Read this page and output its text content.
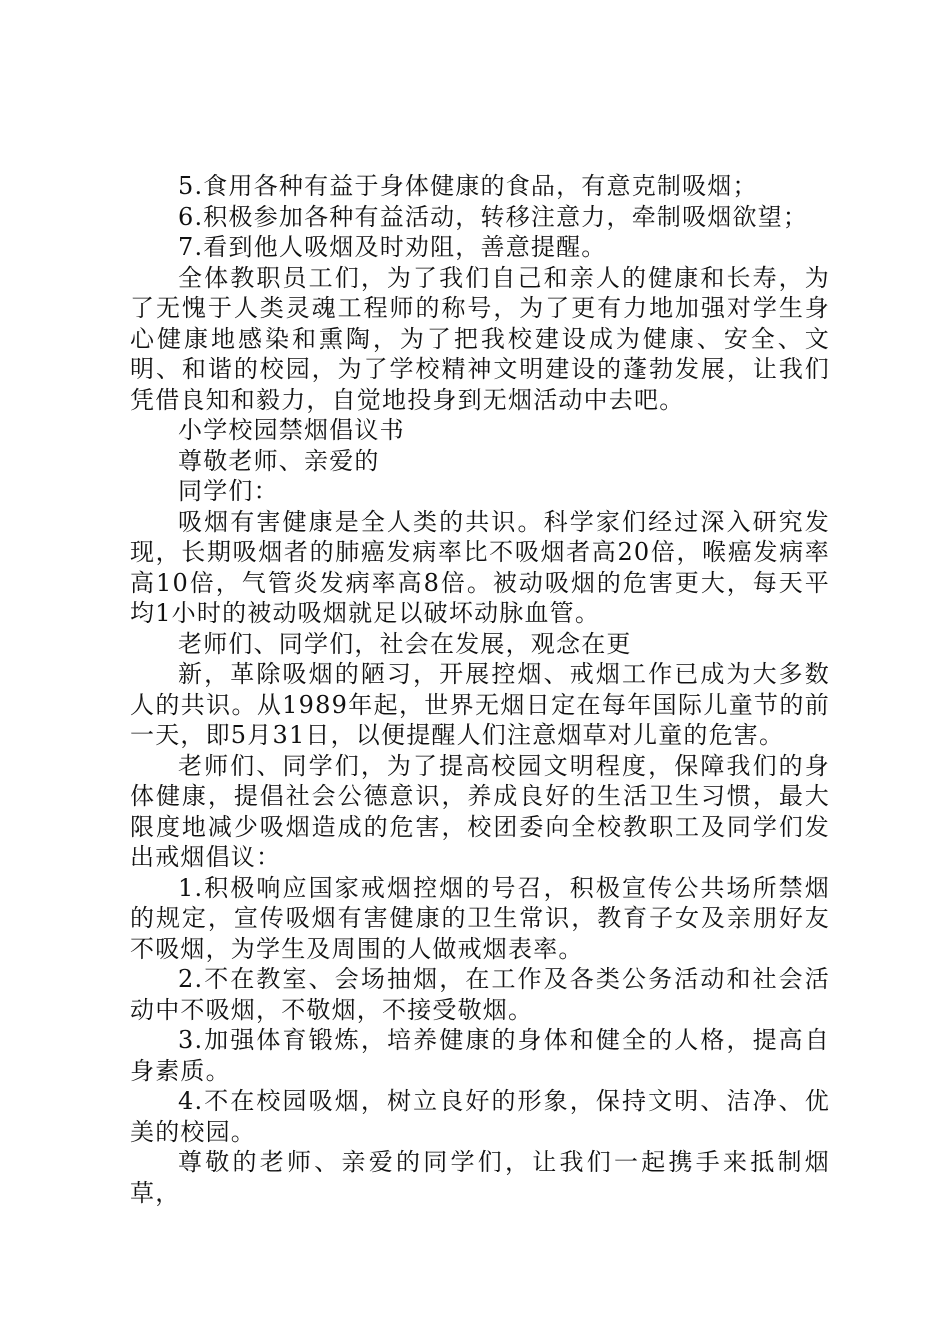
5.食用各种有益于身体健康的食品，有意克制吸烟；

6.积极参加各种有益活动，转移注意力，牵制吸烟欲望；

7.看到他人吸烟及时劝阻，善意提醒。

全体教职员工们，为了我们自己和亲人的健康和长寿，为了无愧于人类灵魂工程师的称号，为了更有力地加强对学生身心健康地感染和熏陶，为了把我校建设成为健康、安全、文明、和谐的校园，为了学校精神文明建设的蓬勃发展，让我们凭借良知和毅力，自觉地投身到无烟活动中去吧。

小学校园禁烟倡议书

尊敬老师、亲爱的

同学们：

吸烟有害健康是全人类的共识。科学家们经过深入研究发现，长期吸烟者的肺癌发病率比不吸烟者高20倍，喉癌发病率高10倍，气管炎发病率高8倍。被动吸烟的危害更大，每天平均1小时的被动吸烟就足以破坏动脉血管。

老师们、同学们，社会在发展，观念在更

新，革除吸烟的陋习，开展控烟、戒烟工作已成为大多数人的共识。从1989年起，世界无烟日定在每年国际儿童节的前一天，即5月31日，以便提醒人们注意烟草对儿童的危害。

老师们、同学们，为了提高校园文明程度，保障我们的身体健康，提倡社会公德意识，养成良好的生活卫生习惯，最大限度地减少吸烟造成的危害，校团委向全校教职工及同学们发出戒烟倡议：

1.积极响应国家戒烟控烟的号召，积极宣传公共场所禁烟的规定，宣传吸烟有害健康的卫生常识，教育子女及亲朋好友不吸烟，为学生及周围的人做戒烟表率。

2.不在教室、会场抽烟，在工作及各类公务活动和社会活动中不吸烟，不敬烟，不接受敬烟。

3.加强体育锻炼，培养健康的身体和健全的人格，提高自身素质。

4.不在校园吸烟，树立良好的形象，保持文明、洁净、优美的校园。

尊敬的老师、亲爱的同学们，让我们一起携手来抵制烟草，
